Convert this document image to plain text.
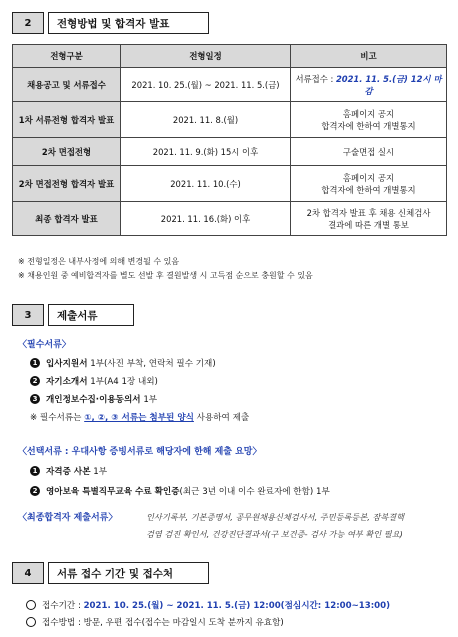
2	전형방법 및 합격자 발표
전형구분	전형일정	비고
채용공고 및 서류접수	2021. 10. 25.(월) ~ 2021. 11. 5.(금)	서류접수 : 2021. 11. 5.(금) 12시 마감
1차 서류전형 합격자 발표	2021. 11. 8.(월)	홈페이지 공지
합격자에 한하여 개별통지
2차 면접전형	2021. 11. 9.(화) 15시 이후	구술면접 실시
2차 면접전형 합격자 발표	2021. 11. 10.(수)	홈페이지 공지
합격자에 한하여 개별통지
최종 합격자 발표	2021. 11. 16.(화) 이후	2차 합격자 발표 후 채용 신체검사
결과에 따른 개별 통보
※ 전형일정은 내부사정에 의해 변경될 수 있음
※ 채용인원 중 예비합격자를 별도 선발 후 결원발생 시 고득점 순으로 충원할 수 있음
3	제출서류
〈필수서류〉
1 입사지원서 1부(사진 부착, 연락처 필수 기재)
2 자기소개서 1부(A4 1장 내외)
3 개인정보수집·이용동의서 1부
※ 필수서류는 ①, ②, ③ 서류는 첨부된 양식 사용하여 제출
〈선택서류 : 우대사항 증빙서류로 해당자에 한해 제출 요망〉
1 자격증 사본 1부
2 영아보육 특별직무교육 수료 확인증(최근 3년 이내 이수 완료자에 한함) 1부
〈최종합격자 제출서류〉	인사기록부, 기본증명서, 공무원채용신체검사서, 주민등록등본, 잠복결핵
검염 검진 확인서, 건강진단결과서(구 보건증- 검사 가능 여부 확인 필요)
4	서류 접수 기간 및 접수처
접수기간 : 2021. 10. 25.(월) ~ 2021. 11. 5.(금) 12:00(점심시간: 12:00~13:00)
접수방법 : 방문, 우편 접수(접수는 마감일시 도착 분까지 유효함)
